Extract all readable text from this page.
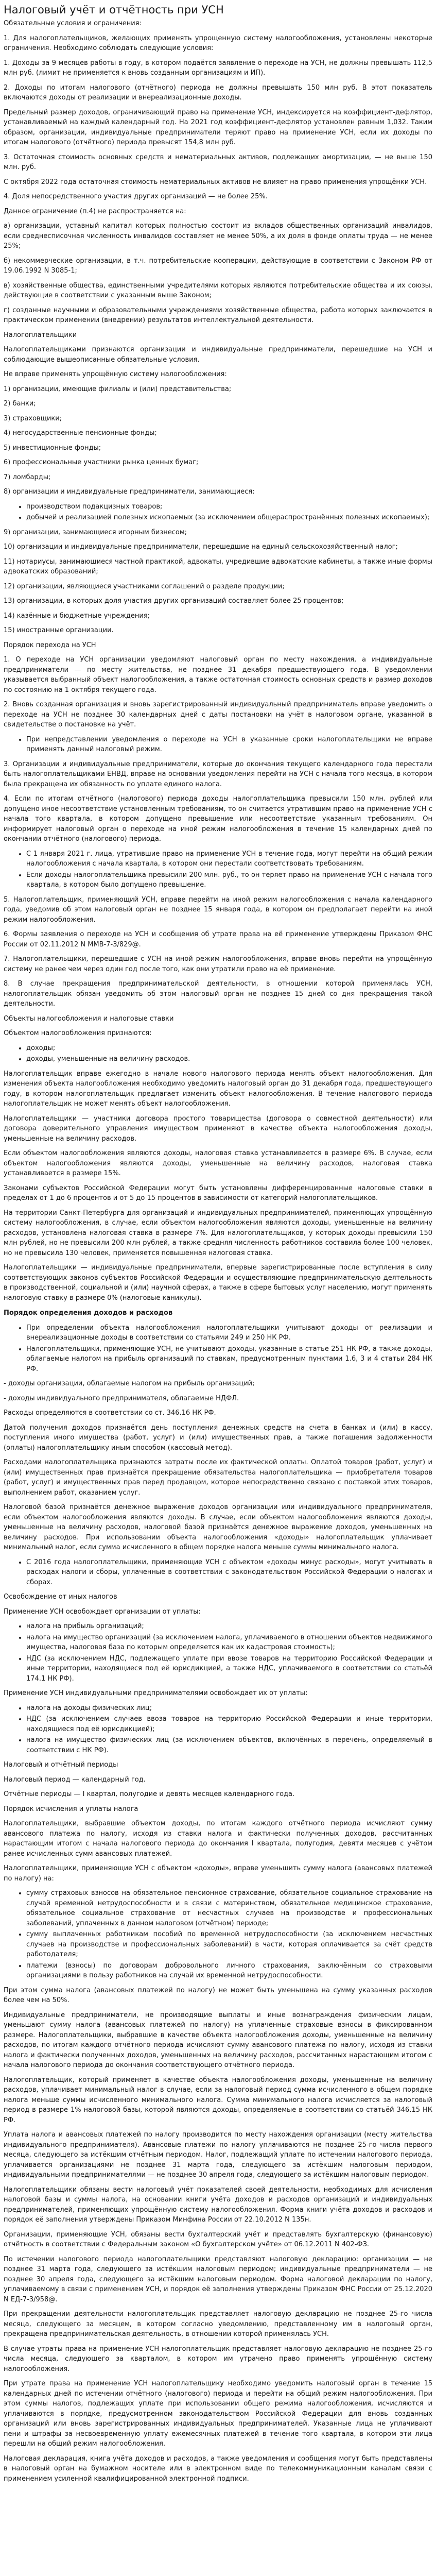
Налоговый учёт и отчётность при УСН

Обязательные условия и ограничения:

1. Для налогоплательщиков, желающих применять упрощенную систему налогообложения, установлены некоторые ограничения. Необходимо соблюдать следующие условия:

1. Доходы за 9 месяцев работы в году, в котором подаётся заявление о переходе на УСН, не должны превышать 112,5 млн руб. (лимит не применяется к вновь созданным организациям и ИП).

2. Доходы по итогам налогового (отчётного) периода не должны превышать 150 млн руб. В этот показатель включаются доходы от реализации и внереализационные доходы.

Предельный размер доходов, ограничивающий право на применение УСН, индексируется на коэффициент-дефлятор, устанавливаемый на каждый календарный год. На 2021 год коэффициент-дефлятор установлен равным 1,032. Таким образом, организации, индивидуальные предприниматели теряют право на применение УСН, если их доходы по итогам налогового (отчётного) периода превысят 154,8 млн руб.

3. Остаточная стоимость основных средств и нематериальных активов, подлежащих амортизации, — не выше 150 млн. руб.

С октября 2022 года остаточная стоимость нематериальных активов не влияет на право применения упрощёнки УСН.

4. Доля непосредственного участия других организаций — не более 25%.

Данное ограничение (п.4) не распространяется на:

а) организации, уставный капитал которых полностью состоит из вкладов общественных организаций инвалидов, если среднесписочная численность инвалидов составляет не менее 50%, а их доля в фонде оплаты труда — не менее 25%;

б) некоммерческие организации, в т.ч. потребительские кооперации, действующие в соответствии с Законом РФ от 19.06.1992 N 3085-1;

в) хозяйственные общества, единственными учредителями которых являются потребительские общества и их союзы, действующие в соответствии с указанным выше Законом;

г) созданные научными и образовательными учреждениями хозяйственные общества, работа которых заключается в практическом применении (внедрении) результатов интеллектуальной деятельности.

Налогоплательщики

Налогоплательщиками признаются организации и индивидуальные предприниматели, перешедшие на УСН и соблюдающие вышеописанные обязательные условия.

Не вправе применять упрощённую систему налогообложения:

1) организации, имеющие филиалы и (или) представительства;

2) банки;

3) страховщики;

4) негосударственные пенсионные фонды;

5) инвестиционные фонды;

6) профессиональные участники рынка ценных бумаг;

7) ломбарды;

8) организации и индивидуальные предприниматели, занимающиеся:

• производством подакцизных товаров;
• добычей и реализацией полезных ископаемых (за исключением общераспространённых полезных ископаемых);

9) организации, занимающиеся игорным бизнесом;

10) организации и индивидуальные предприниматели, перешедшие на единый сельскохозяйственный налог;

11) нотариусы, занимающиеся частной практикой, адвокаты, учредившие адвокатские кабинеты, а также иные формы адвокатских образований;

12) организации, являющиеся участниками соглашений о разделе продукции;

13) организации, в которых доля участия других организаций составляет более 25 процентов;

14) казённые и бюджетные учреждения;

15) иностранные организации.

Порядок перехода на УСН

1. О переходе на УСН организации уведомляют налоговый орган по месту нахождения, а индивидуальные предприниматели — по месту жительства, не позднее 31 декабря предшествующего года. В уведомлении указывается выбранный объект налогообложения, а также остаточная стоимость основных средств и размер доходов по состоянию на 1 октября текущего года.

2. Вновь созданная организация и вновь зарегистрированный индивидуальный предприниматель вправе уведомить о переходе на УСН не позднее 30 календарных дней с даты постановки на учёт в налоговом органе, указанной в свидетельстве о постановке на учёт.

• При непредставлении уведомления о переходе на УСН в указанные сроки налогоплательщики не вправе применять данный налоговый режим.

3. Организации и индивидуальные предприниматели, которые до окончания текущего календарного года перестали быть налогоплательщиками ЕНВД, вправе на основании уведомления перейти на УСН с начала того месяца, в котором была прекращена их обязанность по уплате единого налога.

4. Если по итогам отчётного (налогового) периода доходы налогоплательщика превысили 150 млн. рублей или допущено иное несоответствие установленным требованиям, то он считается утратившим право на применение УСН с начала того квартала, в котором допущено превышение или несоответствие указанным требованиям. Он информирует налоговый орган о переходе на иной режим налогообложения в течение 15 календарных дней по окончании отчётного (налогового) периода.

• С 1 января 2021 г. лица, утратившие право на применение УСН в течение года, могут перейти на общий режим налогообложения с начала квартала, в котором они перестали соответствовать требованиям.
• Если доходы налогоплательщика превысили 200 млн. руб., то он теряет право на применение УСН с начала того квартала, в котором было допущено превышение.

5. Налогоплательщик, применяющий УСН, вправе перейти на иной режим налогообложения с начала календарного года, уведомив об этом налоговый орган не позднее 15 января года, в котором он предполагает перейти на иной режим налогообложения.

6. Формы заявления о переходе на УСН и сообщения об утрате права на её применение утверждены Приказом ФНС России от 02.11.2012 N ММВ-7-3/829@.

7. Налогоплательщики, перешедшие с УСН на иной режим налогообложения, вправе вновь перейти на упрощённую систему не ранее чем через один год после того, как они утратили право на её применение.

8. В случае прекращения предпринимательской деятельности, в отношении которой применялась УСН, налогоплательщик обязан уведомить об этом налоговый орган не позднее 15 дней со дня прекращения такой деятельности.

Объекты налогообложения и налоговые ставки

Объектом налогообложения признаются:

• доходы;
• доходы, уменьшенные на величину расходов.

Налогоплательщик вправе ежегодно в начале нового налогового периода менять объект налогообложения. Для изменения объекта налогообложения необходимо уведомить налоговый орган до 31 декабря года, предшествующего году, в котором налогоплательщик предлагает изменить объект налогообложения. В течение налогового периода налогоплательщик не может менять объект налогообложения.

Налогоплательщики — участники договора простого товарищества (договора о совместной деятельности) или договора доверительного управления имуществом применяют в качестве объекта налогообложения доходы, уменьшенные на величину расходов.

Если объектом налогообложения являются доходы, налоговая ставка устанавливается в размере 6%. В случае, если объектом налогообложения являются доходы, уменьшенные на величину расходов, налоговая ставка устанавливается в размере 15%.

Законами субъектов Российской Федерации могут быть установлены дифференцированные налоговые ставки в пределах от 1 до 6 процентов и от 5 до 15 процентов в зависимости от категорий налогоплательщиков.

На территории Санкт-Петербурга для организаций и индивидуальных предпринимателей, применяющих упрощённую систему налогообложения, в случае, если объектом налогообложения являются доходы, уменьшенные на величину расходов, установлена налоговая ставка в размере 7%. Для налогоплательщиков, у которых доходы превысили 150 млн рублей, но не превысили 200 млн рублей, а также средняя численность работников составила более 100 человек, но не превысила 130 человек, применяется повышенная налоговая ставка.

Налогоплательщики — индивидуальные предприниматели, впервые зарегистрированные после вступления в силу соответствующих законов субъектов Российской Федерации и осуществляющие предпринимательскую деятельность в производственной, социальной и (или) научной сферах, а также в сфере бытовых услуг населению, могут применять налоговую ставку в размере 0% (налоговые каникулы).

Порядок определения доходов и расходов
• При определении объекта налогообложения налогоплательщики учитывают доходы от реализации и внереализационные доходы в соответствии со статьями 249 и 250 НК РФ.
• Налогоплательщики, применяющие УСН, не учитывают доходы, указанные в статье 251 НК РФ, а также доходы, облагаемые налогом на прибыль организаций по ставкам, предусмотренным пунктами 1.6, 3 и 4 статьи 284 НК РФ.

- доходы организации, облагаемые налогом на прибыль организаций;

- доходы индивидуального предпринимателя, облагаемые НДФЛ.

Расходы определяются в соответствии со ст. 346.16 НК РФ.

Датой получения доходов признаётся день поступления денежных средств на счета в банках и (или) в кассу, поступления иного имущества (работ, услуг) и (или) имущественных прав, а также погашения задолженности (оплаты) налогоплательщику иным способом (кассовый метод).

Расходами налогоплательщика признаются затраты после их фактической оплаты. Оплатой товаров (работ, услуг) и (или) имущественных прав признаётся прекращение обязательства налогоплательщика — приобретателя товаров (работ, услуг) и имущественных прав перед продавцом, которое непосредственно связано с поставкой этих товаров, выполнением работ, оказанием услуг.

Налоговой базой признаётся денежное выражение доходов организации или индивидуального предпринимателя, если объектом налогообложения являются доходы. В случае, если объектом налогообложения являются доходы, уменьшенные на величину расходов, налоговой базой признаётся денежное выражение доходов, уменьшенных на величину расходов. При использовании объекта налогообложения «доходы» налогоплательщик уплачивает минимальный налог, если сумма исчисленного в общем порядке налога меньше суммы минимального налога.

• С 2016 года налогоплательщики, применяющие УСН с объектом «доходы минус расходы», могут учитывать в расходах налоги и сборы, уплаченные в соответствии с законодательством Российской Федерации о налогах и сборах.

Освобождение от иных налогов

Применение УСН освобождает организации от уплаты:

• налога на прибыль организаций;
• налога на имущество организаций (за исключением налога, уплачиваемого в отношении объектов недвижимого имущества, налоговая база по которым определяется как их кадастровая стоимость);
• НДС (за исключением НДС, подлежащего уплате при ввозе товаров на территорию Российской Федерации и иные территории, находящиеся под её юрисдикцией, а также НДС, уплачиваемого в соответствии со статьёй 174.1 НК РФ).

Применение УСН индивидуальными предпринимателями освобождает их от уплаты:

• налога на доходы физических лиц;
• НДС (за исключением случаев ввоза товаров на территорию Российской Федерации и иные территории, находящиеся под её юрисдикцией);
• налога на имущество физических лиц (за исключением объектов, включённых в перечень, определяемый в соответствии с НК РФ).

Налоговый и отчётный периоды

Налоговый период — календарный год.

Отчётные периоды — I квартал, полугодие и девять месяцев календарного года.

Порядок исчисления и уплаты налога

Налогоплательщики, выбравшие объектом доходы, по итогам каждого отчётного периода исчисляют сумму авансового платежа по налогу, исходя из ставки налога и фактически полученных доходов, рассчитанных нарастающим итогом с начала налогового периода до окончания I квартала, полугодия, девяти месяцев с учётом ранее исчисленных сумм авансовых платежей.

Налогоплательщики, применяющие УСН с объектом «доходы», вправе уменьшить сумму налога (авансовых платежей по налогу) на:

• сумму страховых взносов на обязательное пенсионное страхование, обязательное социальное страхование на случай временной нетрудоспособности и в связи с материнством, обязательное медицинское страхование, обязательное социальное страхование от несчастных случаев на производстве и профессиональных заболеваний, уплаченных в данном налоговом (отчётном) периоде;
• сумму выплаченных работникам пособий по временной нетрудоспособности (за исключением несчастных случаев на производстве и профессиональных заболеваний) в части, которая оплачивается за счёт средств работодателя;
• платежи (взносы) по договорам добровольного личного страхования, заключённым со страховыми организациями в пользу работников на случай их временной нетрудоспособности.

При этом сумма налога (авансовых платежей по налогу) не может быть уменьшена на сумму указанных расходов более чем на 50%.

Индивидуальные предприниматели, не производящие выплаты и иные вознаграждения физическим лицам, уменьшают сумму налога (авансовых платежей по налогу) на уплаченные страховые взносы в фиксированном размере. Налогоплательщики, выбравшие в качестве объекта налогообложения доходы, уменьшенные на величину расходов, по итогам каждого отчётного периода исчисляют сумму авансового платежа по налогу, исходя из ставки налога и фактически полученных доходов, уменьшенных на величину расходов, рассчитанных нарастающим итогом с начала налогового периода до окончания соответствующего отчётного периода.

Налогоплательщик, который применяет в качестве объекта налогообложения доходы, уменьшенные на величину расходов, уплачивает минимальный налог в случае, если за налоговый период сумма исчисленного в общем порядке налога меньше суммы исчисленного минимального налога. Сумма минимального налога исчисляется за налоговый период в размере 1% налоговой базы, которой являются доходы, определяемые в соответствии со статьёй 346.15 НК РФ.

Уплата налога и авансовых платежей по налогу производится по месту нахождения организации (месту жительства индивидуального предпринимателя). Авансовые платежи по налогу уплачиваются не позднее 25-го числа первого месяца, следующего за истёкшим отчётным периодом. Налог, подлежащий уплате по истечении налогового периода, уплачивается организациями не позднее 31 марта года, следующего за истёкшим налоговым периодом, индивидуальными предпринимателями — не позднее 30 апреля года, следующего за истёкшим налоговым периодом.

Налогоплательщики обязаны вести налоговый учёт показателей своей деятельности, необходимых для исчисления налоговой базы и суммы налога, на основании книги учёта доходов и расходов организаций и индивидуальных предпринимателей, применяющих упрощённую систему налогообложения. Форма книги учёта доходов и расходов и порядок её заполнения утверждены Приказом Минфина России от 22.10.2012 N 135н.

Организации, применяющие УСН, обязаны вести бухгалтерский учёт и представлять бухгалтерскую (финансовую) отчётность в соответствии с Федеральным законом «О бухгалтерском учёте» от 06.12.2011 N 402-ФЗ.

По истечении налогового периода налогоплательщики представляют налоговую декларацию: организации — не позднее 31 марта года, следующего за истёкшим налоговым периодом; индивидуальные предприниматели — не позднее 30 апреля года, следующего за истёкшим налоговым периодом. Форма налоговой декларации по налогу, уплачиваемому в связи с применением УСН, и порядок её заполнения утверждены Приказом ФНС России от 25.12.2020 N ЕД-7-3/958@.

При прекращении деятельности налогоплательщик представляет налоговую декларацию не позднее 25-го числа месяца, следующего за месяцем, в котором согласно уведомлению, представленному им в налоговый орган, прекращена предпринимательская деятельность, в отношении которой применялась УСН.

В случае утраты права на применение УСН налогоплательщик представляет налоговую декларацию не позднее 25-го числа месяца, следующего за кварталом, в котором им утрачено право применять упрощённую систему налогообложения.

При утрате права на применение УСН налогоплательщику необходимо уведомить налоговый орган в течение 15 календарных дней по истечении отчётного (налогового) периода и перейти на общий режим налогообложения. При этом суммы налогов, подлежащих уплате при использовании общего режима налогообложения, исчисляются и уплачиваются в порядке, предусмотренном законодательством Российской Федерации для вновь созданных организаций или вновь зарегистрированных индивидуальных предпринимателей. Указанные лица не уплачивают пени и штрафы за несвоевременную уплату ежемесячных платежей в течение того квартала, в котором эти лица перешли на общий режим налогообложения.

Налоговая декларация, книга учёта доходов и расходов, а также уведомления и сообщения могут быть представлены в налоговый орган на бумажном носителе или в электронном виде по телекоммуникационным каналам связи с применением усиленной квалифицированной электронной подписи.
